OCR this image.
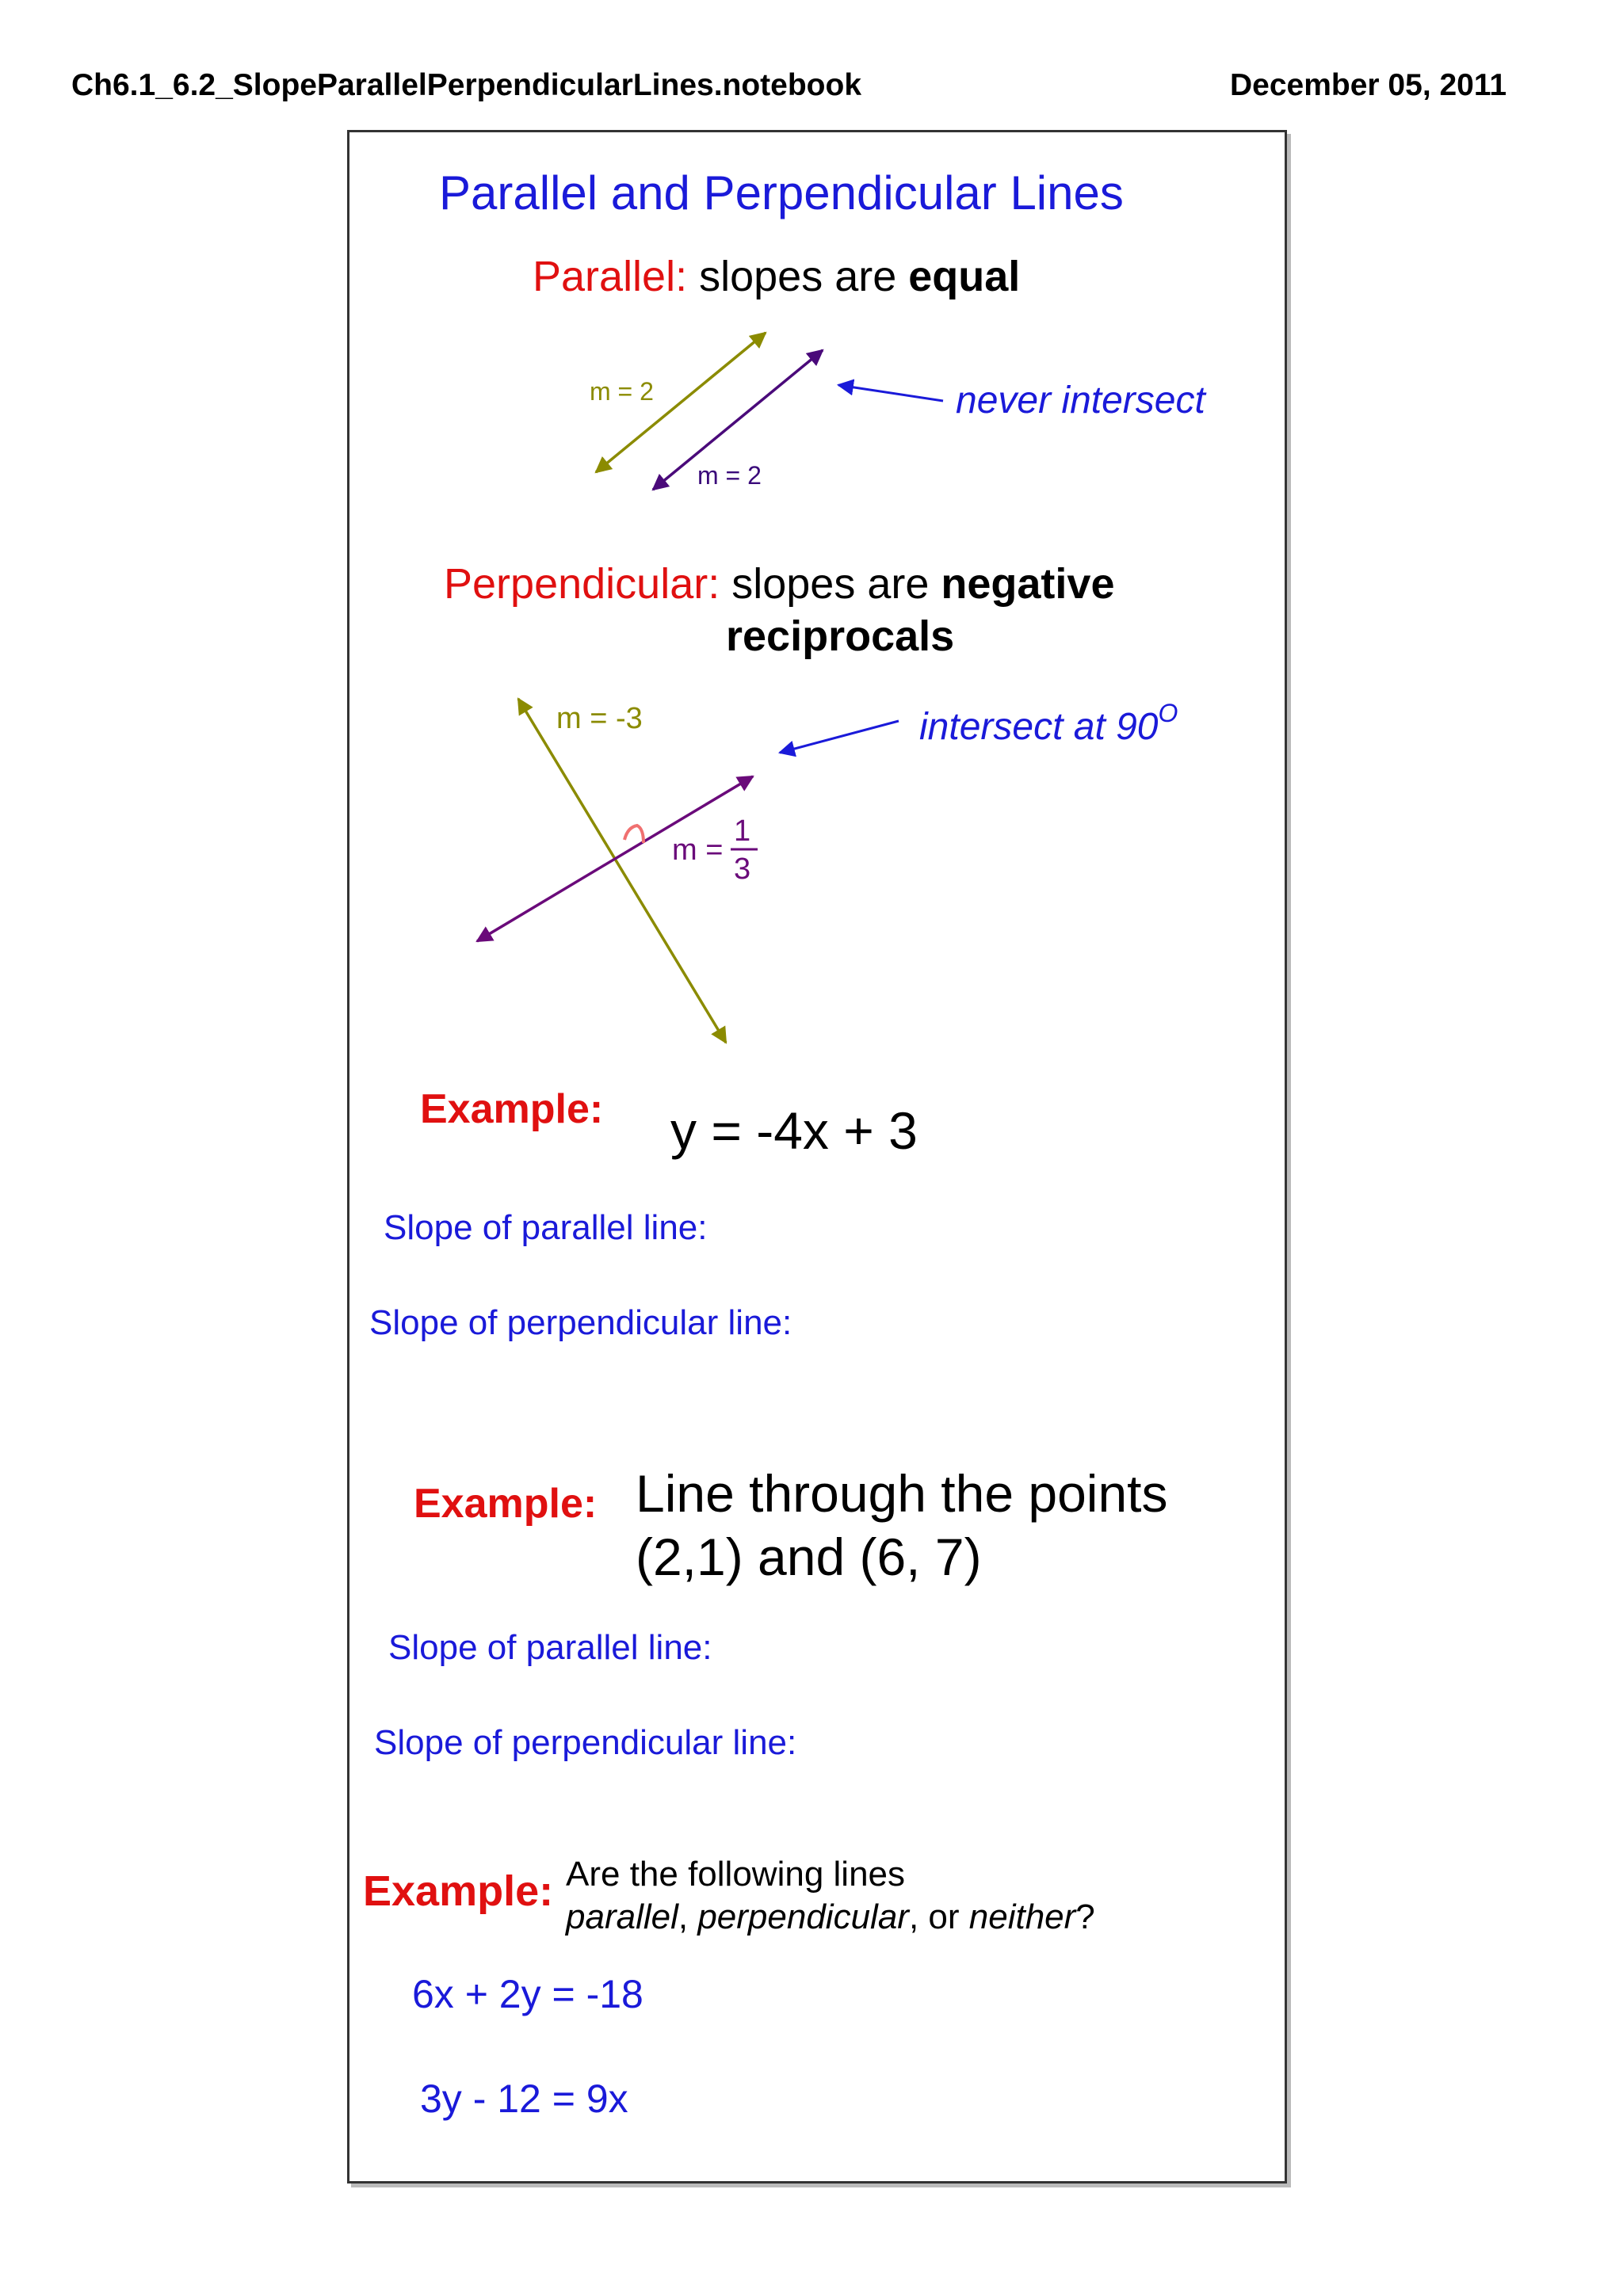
Ch6.1_6.2_SlopeParallelPerpendicularLines.notebook	December 05, 2011
Parallel and Perpendicular Lines
Parallel: slopes are equal
m = 2
m = 2
never intersect
Perpendicular: slopes are negative
reciprocals
m = -3
m =
1
3
intersect at $90^O$
Example: y = -4x + 3
Slope of parallel line:
Slope of perpendicular line:
Example: Line through the points
(2,1) and (6, 7)
Slope of parallel line:
Slope of perpendicular line:
Example: Are the following lines
parallel, perpendicular, or neither?
6x + 2y = -18
3y - 12 = 9x
